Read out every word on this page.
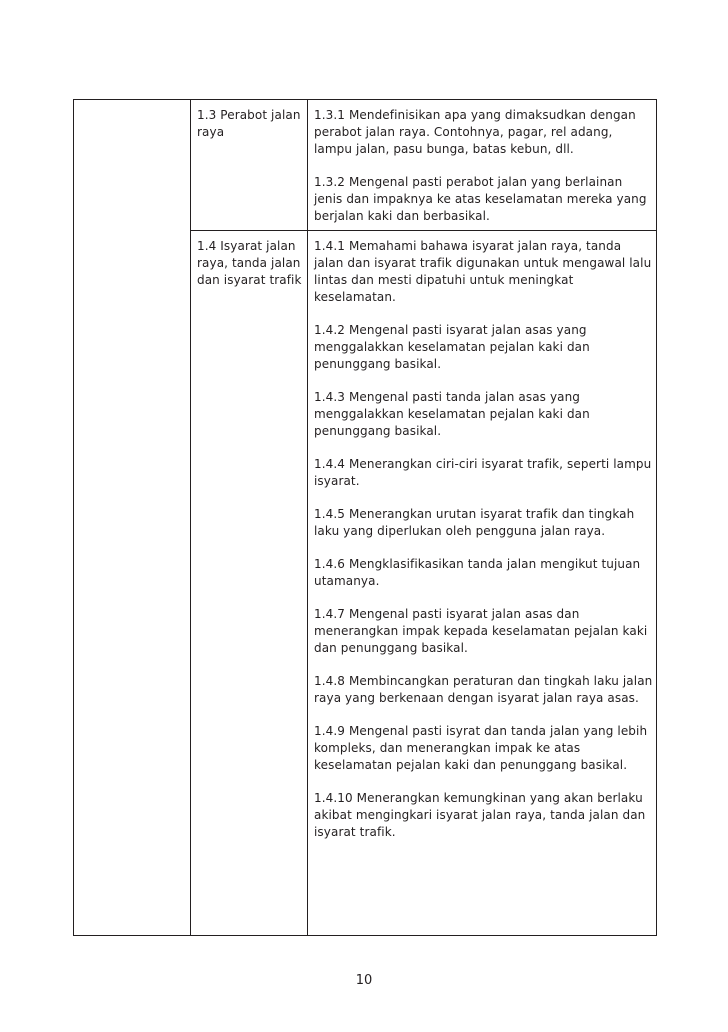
1.3 Perabot jalan raya

1.3.1 Mendefinisikan apa yang dimaksudkan dengan perabot jalan raya. Contohnya, pagar, rel adang, lampu jalan, pasu bunga, batas kebun, dll.

1.3.2 Mengenal pasti perabot jalan yang berlainan jenis dan impaknya ke atas keselamatan mereka yang berjalan kaki dan berbasikal.

1.4 Isyarat jalan raya, tanda jalan dan isyarat trafik

1.4.1 Memahami bahawa isyarat jalan raya, tanda jalan dan isyarat trafik digunakan untuk mengawal lalu lintas dan mesti dipatuhi untuk meningkat keselamatan.

1.4.2 Mengenal pasti isyarat jalan asas yang menggalakkan keselamatan pejalan kaki dan penunggang basikal.

1.4.3 Mengenal pasti tanda jalan asas yang menggalakkan keselamatan pejalan kaki dan penunggang basikal.

1.4.4 Menerangkan ciri-ciri isyarat trafik, seperti lampu isyarat.

1.4.5 Menerangkan urutan isyarat trafik dan tingkah laku yang diperlukan oleh pengguna jalan raya.

1.4.6 Mengklasifikasikan tanda jalan mengikut tujuan utamanya.

1.4.7 Mengenal pasti isyarat jalan asas dan menerangkan impak kepada keselamatan pejalan kaki dan penunggang basikal.

1.4.8 Membincangkan peraturan dan tingkah laku jalan raya yang berkenaan dengan isyarat jalan raya asas.

1.4.9 Mengenal pasti isyrat dan tanda jalan yang lebih kompleks, dan menerangkan impak ke atas keselamatan pejalan kaki dan penunggang basikal.

1.4.10 Menerangkan kemungkinan yang akan berlaku akibat mengingkari isyarat jalan raya, tanda jalan dan isyarat trafik.

10
